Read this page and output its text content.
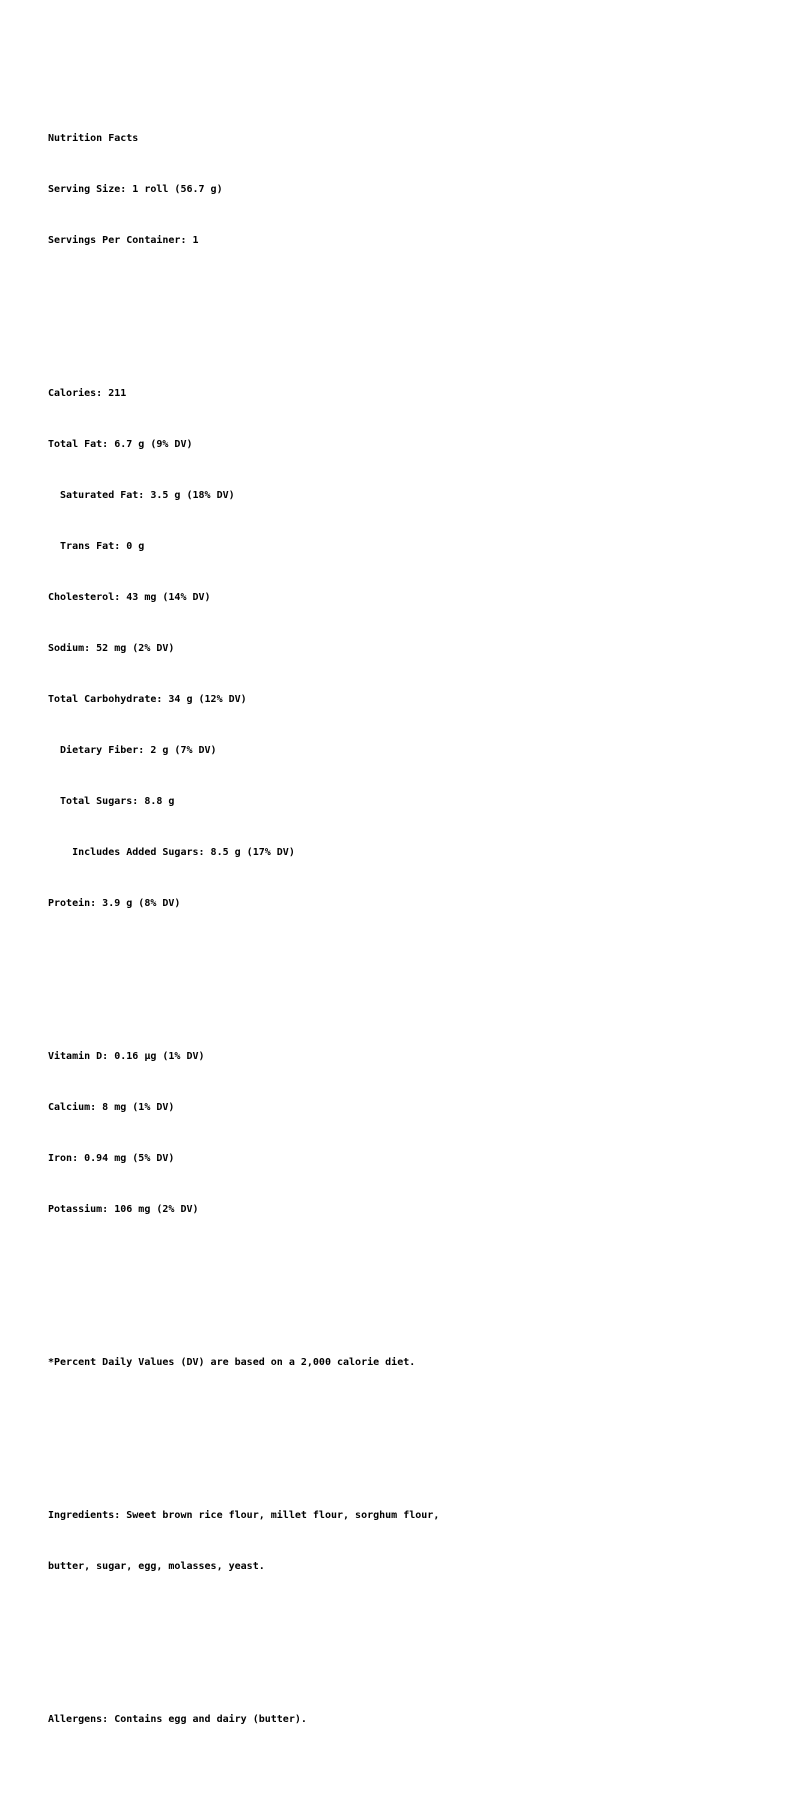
Nutrition Facts

Serving Size: 1 roll (56.7 g)

Servings Per Container: 1

Calories: 211

Total Fat: 6.7 g (9% DV)

Saturated Fat: 3.5 g (18% DV)

Trans Fat: 0 g

Cholesterol: 43 mg (14% DV)

Sodium: 52 mg (2% DV)

Total Carbohydrate: 34 g (12% DV)

Dietary Fiber: 2 g (7% DV)

Total Sugars: 8.8 g

Includes Added Sugars: 8.5 g (17% DV)

Protein: 3.9 g (8% DV)

Vitamin D: 0.16 µg (1% DV)

Calcium: 8 mg (1% DV)

Iron: 0.94 mg (5% DV)

Potassium: 106 mg (2% DV)

*Percent Daily Values (DV) are based on a 2,000 calorie diet.

Ingredients: Sweet brown rice flour, millet flour, sorghum flour,

butter, sugar, egg, molasses, yeast.

Allergens: Contains egg and dairy (butter).
